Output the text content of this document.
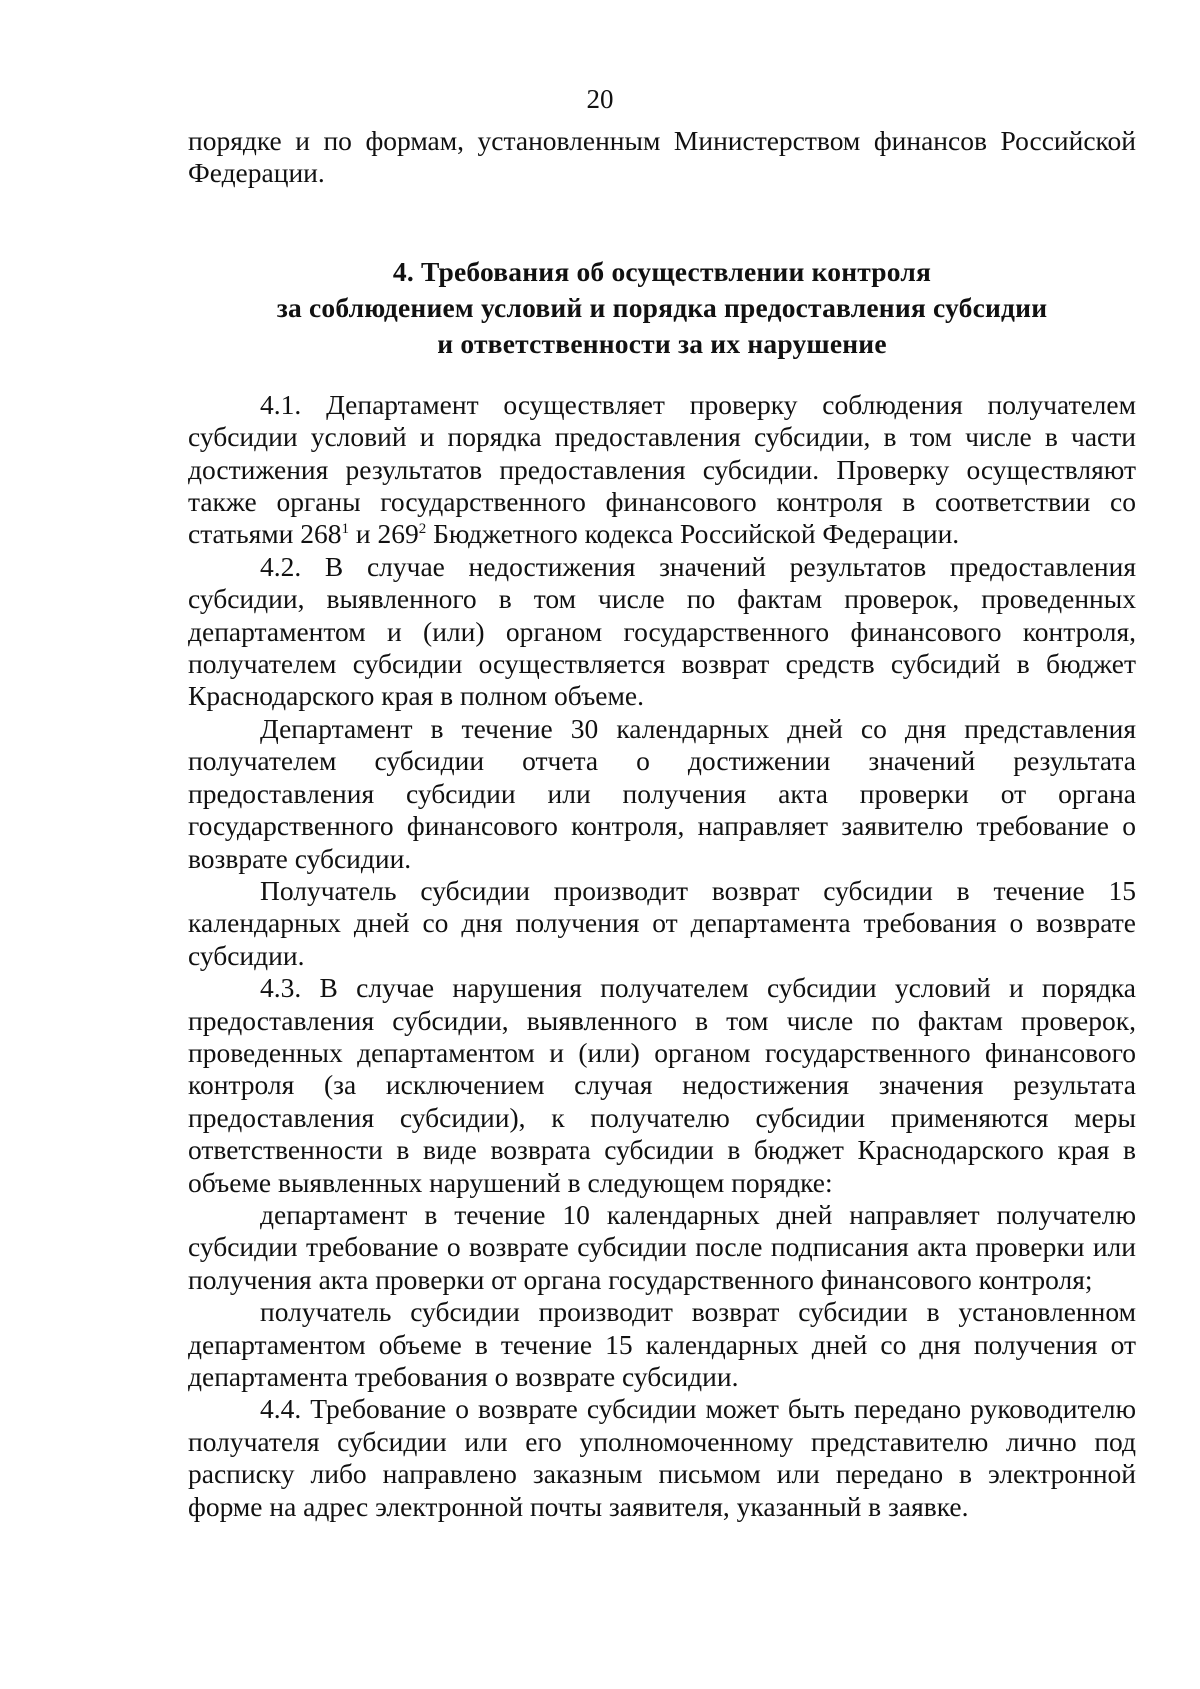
20

порядке и по формам, установленным Министерством финансов Российской Федерации.

4. Требования об осуществлении контроля
за соблюдением условий и порядка предоставления субсидии
и ответственности за их нарушение

4.1. Департамент осуществляет проверку соблюдения получателем субсидии условий и порядка предоставления субсидии, в том числе в части достижения результатов предоставления субсидии. Проверку осуществляют также органы государственного финансового контроля в соответствии со статьями $268^1$ и $269^2$ Бюджетного кодекса Российской Федерации.

4.2. В случае недостижения значений результатов предоставления субсидии, выявленного в том числе по фактам проверок, проведенных департаментом и (или) органом государственного финансового контроля, получателем субсидии осуществляется возврат средств субсидий в бюджет Краснодарского края в полном объеме.

Департамент в течение 30 календарных дней со дня представления получателем субсидии отчета о достижении значений результата предоставления субсидии или получения акта проверки от органа государственного финансового контроля, направляет заявителю требование о возврате субсидии.

Получатель субсидии производит возврат субсидии в течение 15 календарных дней со дня получения от департамента требования о возврате субсидии.

4.3. В случае нарушения получателем субсидии условий и порядка предоставления субсидии, выявленного в том числе по фактам проверок, проведенных департаментом и (или) органом государственного финансового контроля (за исключением случая недостижения значения результата предоставления субсидии), к получателю субсидии применяются меры ответственности в виде возврата субсидии в бюджет Краснодарского края в объеме выявленных нарушений в следующем порядке:

департамент в течение 10 календарных дней направляет получателю субсидии требование о возврате субсидии после подписания акта проверки или получения акта проверки от органа государственного финансового контроля;

получатель субсидии производит возврат субсидии в установленном департаментом объеме в течение 15 календарных дней со дня получения от департамента требования о возврате субсидии.

4.4. Требование о возврате субсидии может быть передано руководителю получателя субсидии или его уполномоченному представителю лично под расписку либо направлено заказным письмом или передано в электронной форме на адрес электронной почты заявителя, указанный в заявке.
